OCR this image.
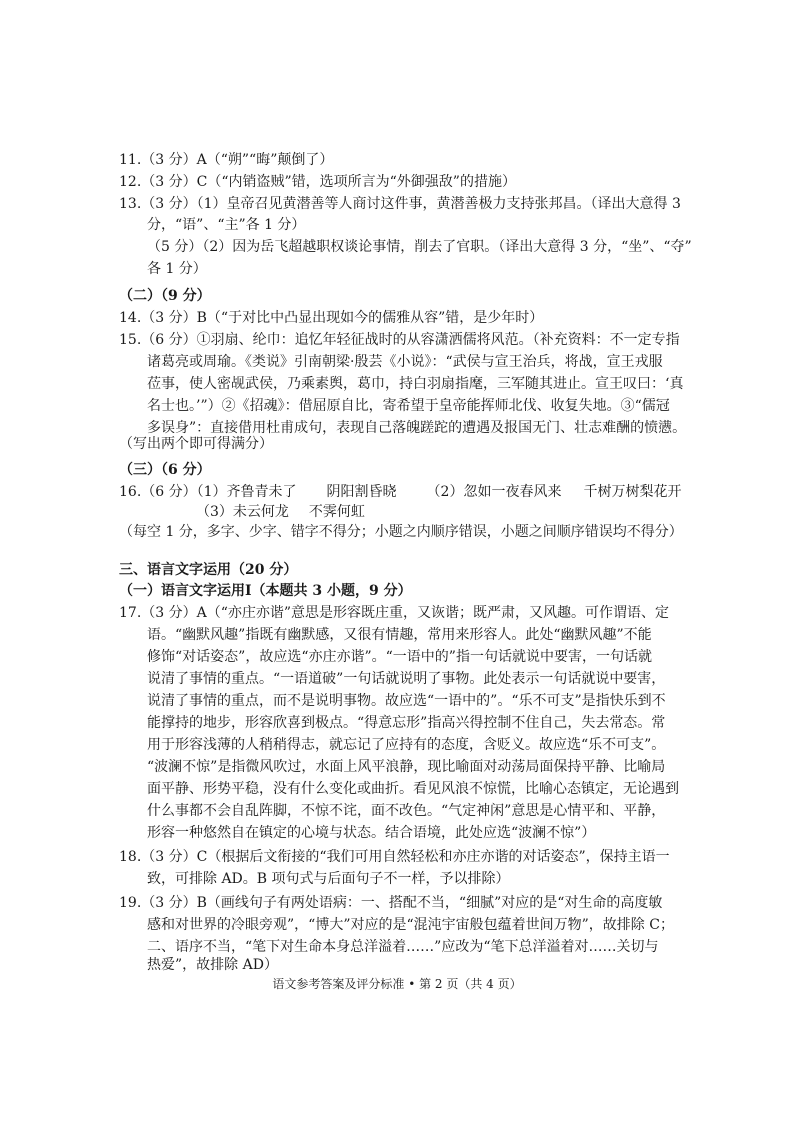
11.（3 分）A（“朔”“晦”颠倒了）
12.（3 分）C（“内销盗贼”错，选项所言为“外御强敌”的措施）
13.（3 分）（1）皇帝召见黄潜善等人商讨这件事，黄潜善极力支持张邦昌。（译出大意得 3
分，“语”、“主”各 1 分）
（5 分）（2）因为岳飞超越职权谈论事情，削去了官职。（译出大意得 3 分，“坐”、“夺”
各 1 分）
（二）（9 分）
14.（3 分）B（“于对比中凸显出现如今的儒雅从容”错，是少年时）
15.（6 分）①羽扇、纶巾：追忆年轻征战时的从容潇洒儒将风范。（补充资料：不一定专指
诸葛亮或周瑜。《类说》引南朝梁·殷芸《小说》：“武侯与宣王治兵，将战，宣王戎服
莅事，使人密觇武侯，乃乘素舆，葛巾，持白羽扇指麾，三军随其进止。宣王叹曰：‘真
名士也。’”）②《招魂》：借屈原自比，寄希望于皇帝能挥师北伐、收复失地。③“儒冠
多误身”：直接借用杜甫成句，表现自己落魄蹉跎的遭遇及报国无门、壮志难酬的愤懑。
（写出两个即可得满分）
（三）（6 分）
16.（6 分）（1）齐鲁青未了 阴阳割昏晓 （2）忽如一夜春风来 千树万树梨花开
（3）未云何龙 不霁何虹
（每空 1 分，多字、少字、错字不得分；小题之内顺序错误，小题之间顺序错误均不得分）
三、语言文字运用（20 分）
（一）语言文字运用Ⅰ（本题共 3 小题，9 分）
17.（3 分）A（“亦庄亦谐”意思是形容既庄重，又诙谐；既严肃，又风趣。可作谓语、定
语。“幽默风趣”指既有幽默感，又很有情趣，常用来形容人。此处“幽默风趣”不能
修饰“对话姿态”，故应选“亦庄亦谐”。“一语中的”指一句话就说中要害，一句话就
说清了事情的重点。“一语道破”一句话就说明了事物。此处表示一句话就说中要害，
说清了事情的重点，而不是说明事物。故应选“一语中的”。“乐不可支”是指快乐到不
能撑持的地步，形容欣喜到极点。“得意忘形”指高兴得控制不住自己，失去常态。常
用于形容浅薄的人稍稍得志，就忘记了应持有的态度，含贬义。故应选“乐不可支”。
“波澜不惊”是指微风吹过，水面上风平浪静，现比喻面对动荡局面保持平静、比喻局
面平静、形势平稳，没有什么变化或曲折。看见风浪不惊慌，比喻心态镇定，无论遇到
什么事都不会自乱阵脚，不惊不诧，面不改色。“气定神闲”意思是心情平和、平静，
形容一种悠然自在镇定的心境与状态。结合语境，此处应选“波澜不惊”）
18.（3 分）C（根据后文衔接的“我们可用自然轻松和亦庄亦谐的对话姿态”，保持主语一
致，可排除 AD。B 项句式与后面句子不一样，予以排除）
19.（3 分）B（画线句子有两处语病：一、搭配不当，“细腻”对应的是“对生命的高度敏
感和对世界的冷眼旁观”，“博大”对应的是“混沌宇宙般包蕴着世间万物”，故排除 C；
二、语序不当，“笔下对生命本身总洋溢着……”应改为“笔下总洋溢着对……关切与
热爱”，故排除 AD）
语文参考答案及评分标准 • 第 2 页（共 4 页）
